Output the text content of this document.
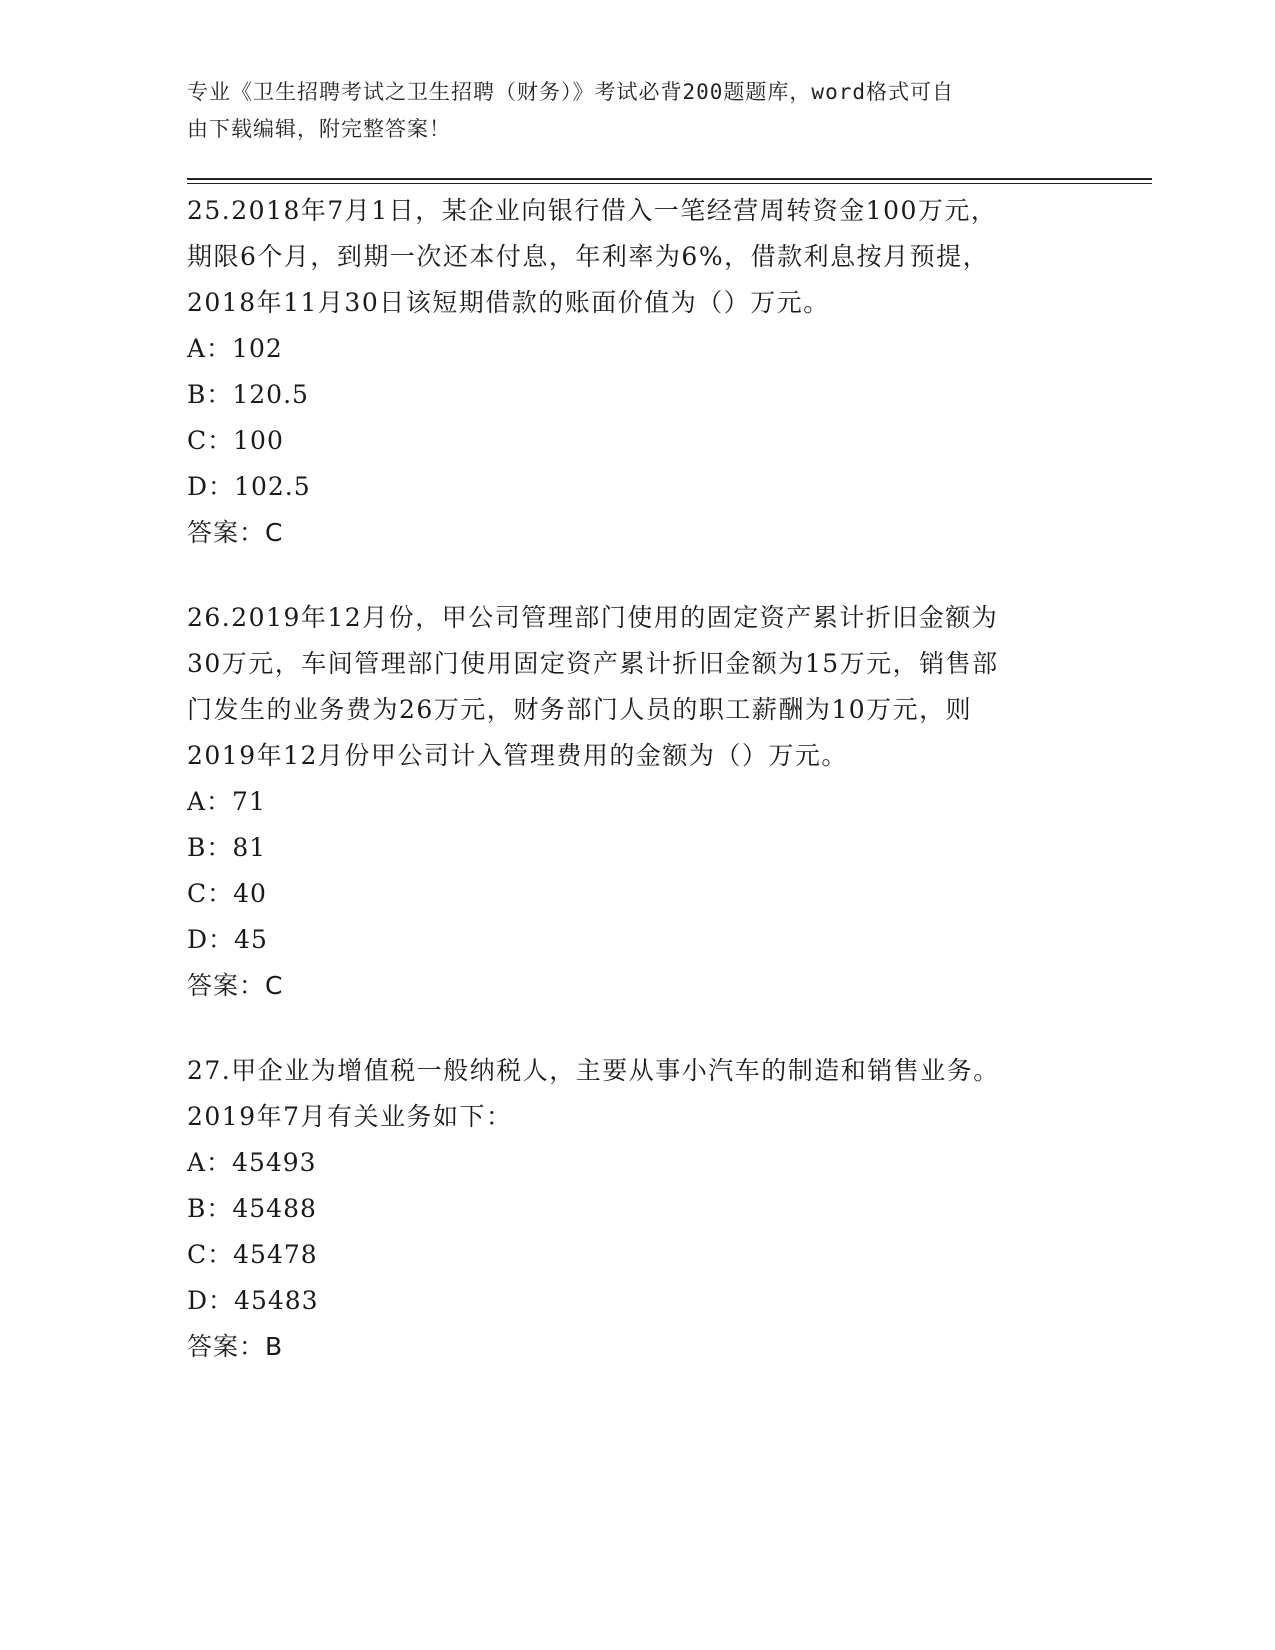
专业《卫生招聘考试之卫生招聘（财务）》考试必背200题题库，word格式可自
由下载编辑，附完整答案！

25.2018年7月1日，某企业向银行借入一笔经营周转资金100万元，

期限6个月，到期一次还本付息，年利率为6%，借款利息按月预提，

2018年11月30日该短期借款的账面价值为（）万元。

A：102

B：120.5

C：100

D：102.5

答案：C

26.2019年12月份，甲公司管理部门使用的固定资产累计折旧金额为

30万元，车间管理部门使用固定资产累计折旧金额为15万元，销售部

门发生的业务费为26万元，财务部门人员的职工薪酬为10万元，则

2019年12月份甲公司计入管理费用的金额为（）万元。

A：71

B：81

C：40

D：45

答案：C

27.甲企业为增值税一般纳税人，主要从事小汽车的制造和销售业务。

2019年7月有关业务如下：

A：45493

B：45488

C：45478

D：45483

答案：B
